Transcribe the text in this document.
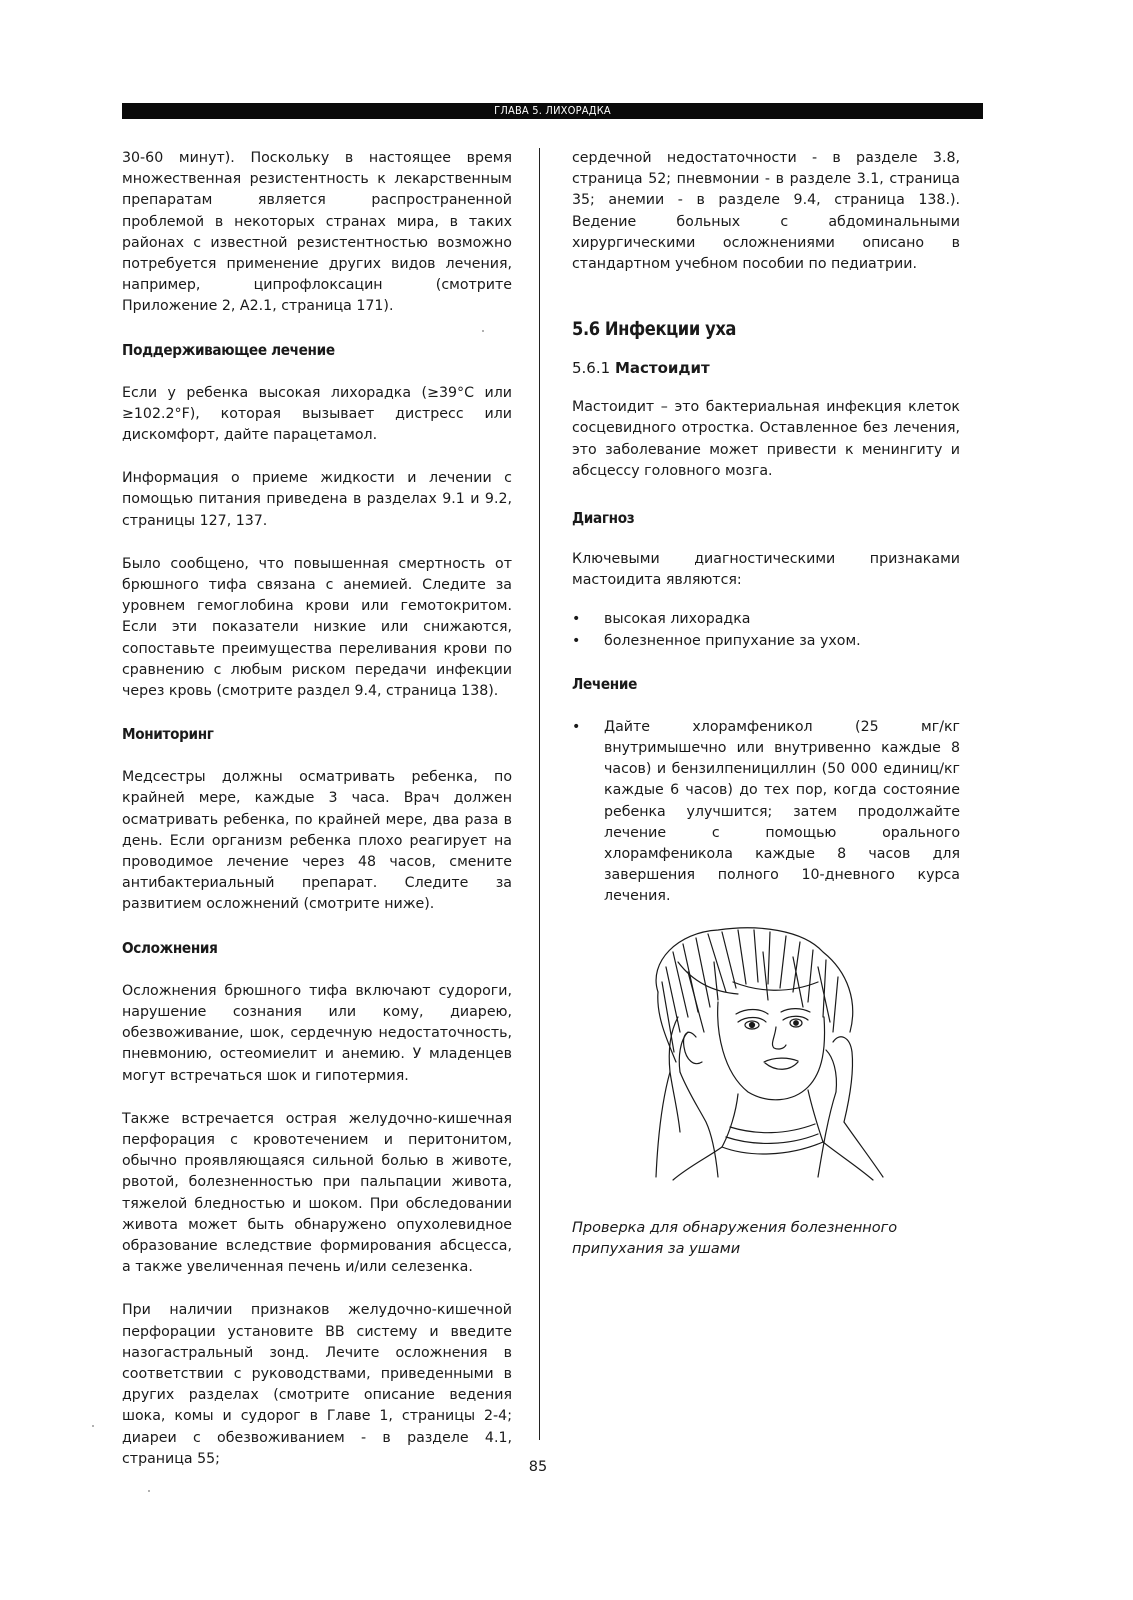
ГЛАВА 5. ЛИХОРАДКА

30-60 минут). Поскольку в настоящее время множественная резистентность к лекарственным препаратам является распространенной проблемой в некоторых странах мира, в таких районах с известной резистентностью возможно потребуется применение других видов лечения, например, ципрофлоксацин (смотрите Приложение 2, А2.1, страница 171).

Поддерживающее лечение

Если у ребенка высокая лихорадка (≥39°С или ≥102.2°F), которая вызывает дистресс или дискомфорт, дайте парацетамол.

Информация о приеме жидкости и лечении с помощью питания приведена в разделах 9.1 и 9.2, страницы 127, 137.

Было сообщено, что повышенная смертность от брюшного тифа связана с анемией. Следите за уровнем гемоглобина крови или гемотокритом. Если эти показатели низкие или снижаются, сопоставьте преимущества переливания крови по сравнению с любым риском передачи инфекции через кровь (смотрите раздел 9.4, страница 138).

Мониторинг

Медсестры должны осматривать ребенка, по крайней мере, каждые 3 часа. Врач должен осматривать ребенка, по крайней мере, два раза в день. Если организм ребенка плохо реагирует на проводимое лечение через 48 часов, смените антибактериальный препарат. Следите за развитием осложнений (смотрите ниже).

Осложнения

Осложнения брюшного тифа включают судороги, нарушение сознания или кому, диарею, обезвоживание, шок, сердечную недостаточность, пневмонию, остеомиелит и анемию. У младенцев могут встречаться шок и гипотермия.

Также встречается острая желудочно-кишечная перфорация с кровотечением и перитонитом, обычно проявляющаяся сильной болью в животе, рвотой, болезненностью при пальпации живота, тяжелой бледностью и шоком. При обследовании живота может быть обнаружено опухолевидное образование вследствие формирования абсцесса, а также увеличенная печень и/или селезенка.

При наличии признаков желудочно-кишечной перфорации установите ВВ систему и введите назогастральный зонд. Лечите осложнения в соответствии с руководствами, приведенными в других разделах (смотрите описание ведения шока, комы и судорог в Главе 1, страницы 2-4; диареи с обезвоживанием - в разделе 4.1, страница 55;

сердечной недостаточности - в разделе 3.8, страница 52; пневмонии - в разделе 3.1, страница 35; анемии - в разделе 9.4, страница 138.). Ведение больных с абдоминальными хирургическими осложнениями описано в стандартном учебном пособии по педиатрии.

5.6 Инфекции уха
5.6.1 Мастоидит

Мастоидит – это бактериальная инфекция клеток сосцевидного отростка. Оставленное без лечения, это заболевание может привести к менингиту и абсцессу головного мозга.

Диагноз

Ключевыми диагностическими признаками мастоидита являются:

• высокая лихорадка
• болезненное припухание за ухом.
Лечение
• Дайте хлорамфеникол (25 мг/кг внутримышечно или внутривенно каждые 8 часов) и бензилпенициллин (50 000 единиц/кг каждые 6 часов) до тех пор, когда состояние ребенка улучшится; затем продолжайте лечение с помощью орального хлорамфеникола каждые 8 часов для завершения полного 10-дневного курса лечения.
Проверка для обнаружения болезненного припухания за ушами
85
